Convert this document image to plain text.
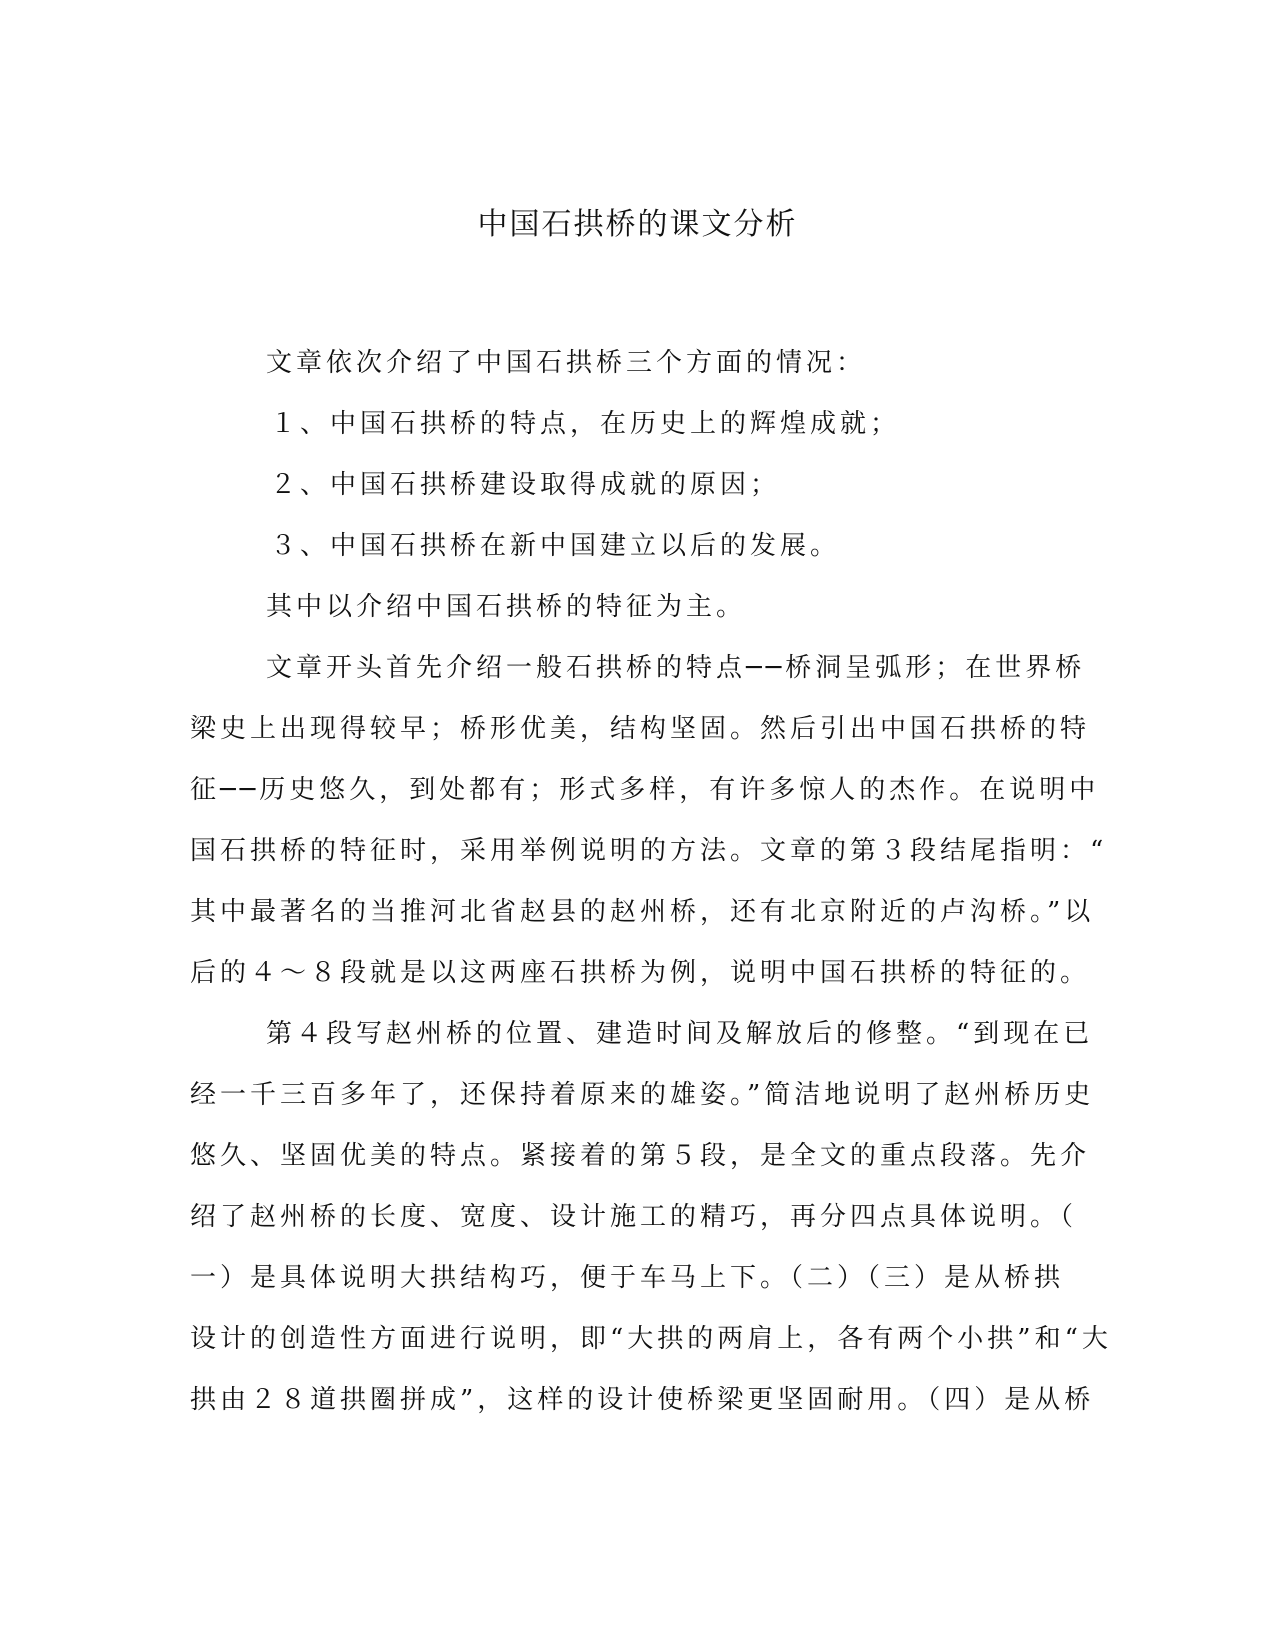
中国石拱桥的课文分析

文章依次介绍了中国石拱桥三个方面的情况：

１、中国石拱桥的特点，在历史上的辉煌成就；

２、中国石拱桥建设取得成就的原因；

３、中国石拱桥在新中国建立以后的发展。

其中以介绍中国石拱桥的特征为主。

文章开头首先介绍一般石拱桥的特点──桥洞呈弧形；在世界桥

梁史上出现得较早；桥形优美，结构坚固。然后引出中国石拱桥的特

征──历史悠久，到处都有；形式多样，有许多惊人的杰作。在说明中

国石拱桥的特征时，采用举例说明的方法。文章的第３段结尾指明：“

其中最著名的当推河北省赵县的赵州桥，还有北京附近的卢沟桥。”以

后的４～８段就是以这两座石拱桥为例，说明中国石拱桥的特征的。

第４段写赵州桥的位置、建造时间及解放后的修整。“到现在已

经一千三百多年了，还保持着原来的雄姿。”简洁地说明了赵州桥历史

悠久、坚固优美的特点。紧接着的第５段，是全文的重点段落。先介

绍了赵州桥的长度、宽度、设计施工的精巧，再分四点具体说明。（

一）是具体说明大拱结构巧，便于车马上下。（二）（三）是从桥拱

设计的创造性方面进行说明，即“大拱的两肩上，各有两个小拱”和“大

拱由２８道拱圈拼成”，这样的设计使桥梁更坚固耐用。（四）是从桥
